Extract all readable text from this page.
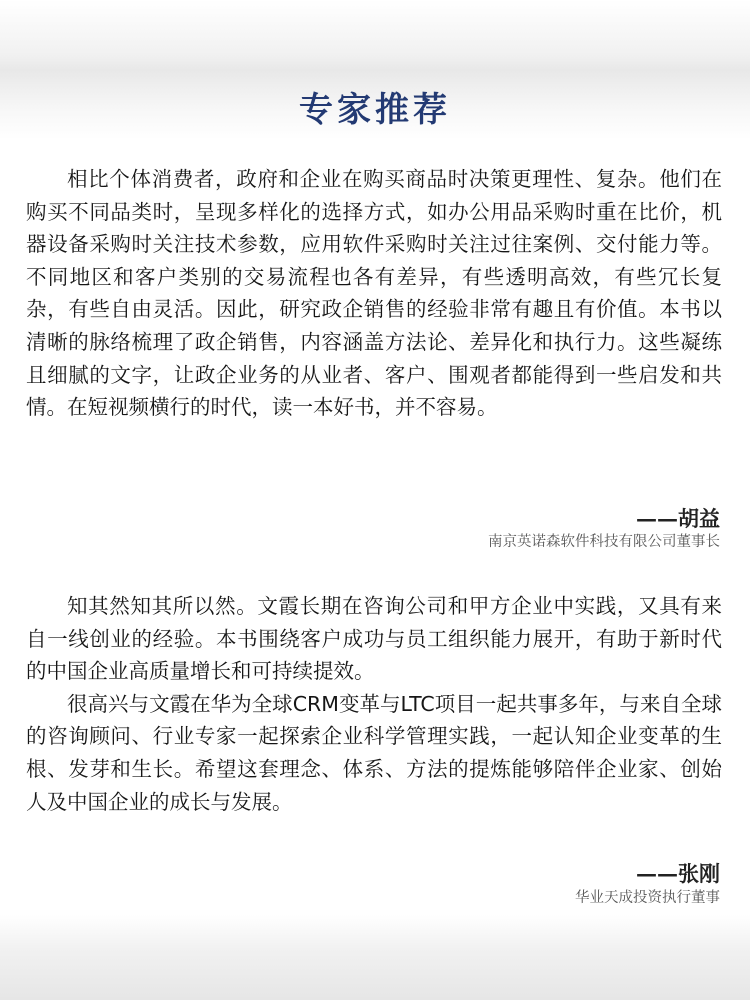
专家推荐

相比个体消费者，政府和企业在购买商品时决策更理性、复杂。他们在购买不同品类时，呈现多样化的选择方式，如办公用品采购时重在比价，机器设备采购时关注技术参数，应用软件采购时关注过往案例、交付能力等。不同地区和客户类别的交易流程也各有差异，有些透明高效，有些冗长复杂，有些自由灵活。因此，研究政企销售的经验非常有趣且有价值。本书以清晰的脉络梳理了政企销售，内容涵盖方法论、差异化和执行力。这些凝练且细腻的文字，让政企业务的从业者、客户、围观者都能得到一些启发和共情。在短视频横行的时代，读一本好书，并不容易。

——胡益
南京英诺森软件科技有限公司董事长

知其然知其所以然。文霞长期在咨询公司和甲方企业中实践，又具有来自一线创业的经验。本书围绕客户成功与员工组织能力展开，有助于新时代的中国企业高质量增长和可持续提效。

很高兴与文霞在华为全球CRM变革与LTC项目一起共事多年，与来自全球的咨询顾问、行业专家一起探索企业科学管理实践，一起认知企业变革的生根、发芽和生长。希望这套理念、体系、方法的提炼能够陪伴企业家、创始人及中国企业的成长与发展。

——张刚
华业天成投资执行董事
